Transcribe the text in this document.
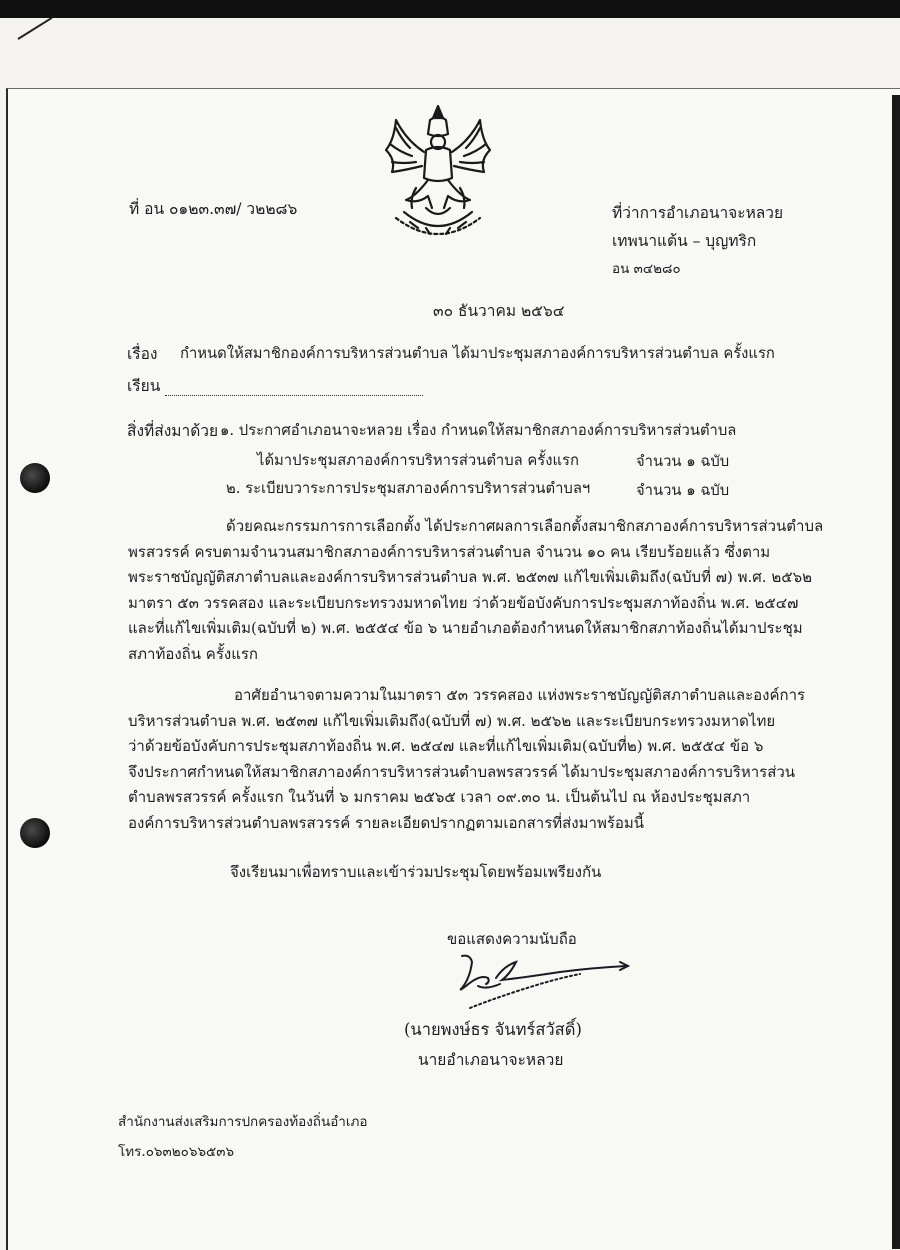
ที่ อน ๐๑๒๓.๓๗/ ว๒๒๘๖	ที่ว่าการอำเภอนาจะหลวย
เทพนาแต้น – บุญทริก
อน ๓๔๒๘๐
๓๐ ธันวาคม ๒๕๖๔
เรื่อง กำหนดให้สมาชิกองค์การบริหารส่วนตำบล ได้มาประชุมสภาองค์การบริหารส่วนตำบล ครั้งแรก
เรียน
สิ่งที่ส่งมาด้วย ๑. ประกาศอำเภอนาจะหลวย เรื่อง กำหนดให้สมาชิกสภาองค์การบริหารส่วนตำบล
ได้มาประชุมสภาองค์การบริหารส่วนตำบล ครั้งแรก	จำนวน ๑ ฉบับ
๒. ระเบียบวาระการประชุมสภาองค์การบริหารส่วนตำบลฯ	จำนวน ๑ ฉบับ
ด้วยคณะกรรมการการเลือกตั้ง ได้ประกาศผลการเลือกตั้งสมาชิกสภาองค์การบริหารส่วนตำบล
พรสวรรค์ ครบตามจำนวนสมาชิกสภาองค์การบริหารส่วนตำบล จำนวน ๑๐ คน เรียบร้อยแล้ว ซึ่งตาม
พระราชบัญญัติสภาตำบลและองค์การบริหารส่วนตำบล พ.ศ. ๒๕๓๗ แก้ไขเพิ่มเติมถึง(ฉบับที่ ๗) พ.ศ. ๒๕๖๒
มาตรา ๕๓ วรรคสอง และระเบียบกระทรวงมหาดไทย ว่าด้วยข้อบังคับการประชุมสภาท้องถิ่น พ.ศ. ๒๕๔๗
และที่แก้ไขเพิ่มเติม(ฉบับที่ ๒) พ.ศ. ๒๕๕๔ ข้อ ๖ นายอำเภอต้องกำหนดให้สมาชิกสภาท้องถิ่นได้มาประชุม
สภาท้องถิ่น ครั้งแรก
อาศัยอำนาจตามความในมาตรา ๕๓ วรรคสอง แห่งพระราชบัญญัติสภาตำบลและองค์การ
บริหารส่วนตำบล พ.ศ. ๒๕๓๗ แก้ไขเพิ่มเติมถึง(ฉบับที่ ๗) พ.ศ. ๒๕๖๒ และระเบียบกระทรวงมหาดไทย
ว่าด้วยข้อบังคับการประชุมสภาท้องถิ่น พ.ศ. ๒๕๔๗ และที่แก้ไขเพิ่มเติม(ฉบับที่๒) พ.ศ. ๒๕๕๔ ข้อ ๖
จึงประกาศกำหนดให้สมาชิกสภาองค์การบริหารส่วนตำบลพรสวรรค์ ได้มาประชุมสภาองค์การบริหารส่วน
ตำบลพรสวรรค์ ครั้งแรก ในวันที่ ๖ มกราคม ๒๕๖๕ เวลา ๐๙.๓๐ น. เป็นต้นไป ณ ห้องประชุมสภา
องค์การบริหารส่วนตำบลพรสวรรค์ รายละเอียดปรากฏตามเอกสารที่ส่งมาพร้อมนี้
จึงเรียนมาเพื่อทราบและเข้าร่วมประชุมโดยพร้อมเพรียงกัน
ขอแสดงความนับถือ
(นายพงษ์ธร จันทร์สวัสดิ์)
นายอำเภอนาจะหลวย
สำนักงานส่งเสริมการปกครองท้องถิ่นอำเภอ
โทร.๐๖๓๒๐๖๖๕๓๖
